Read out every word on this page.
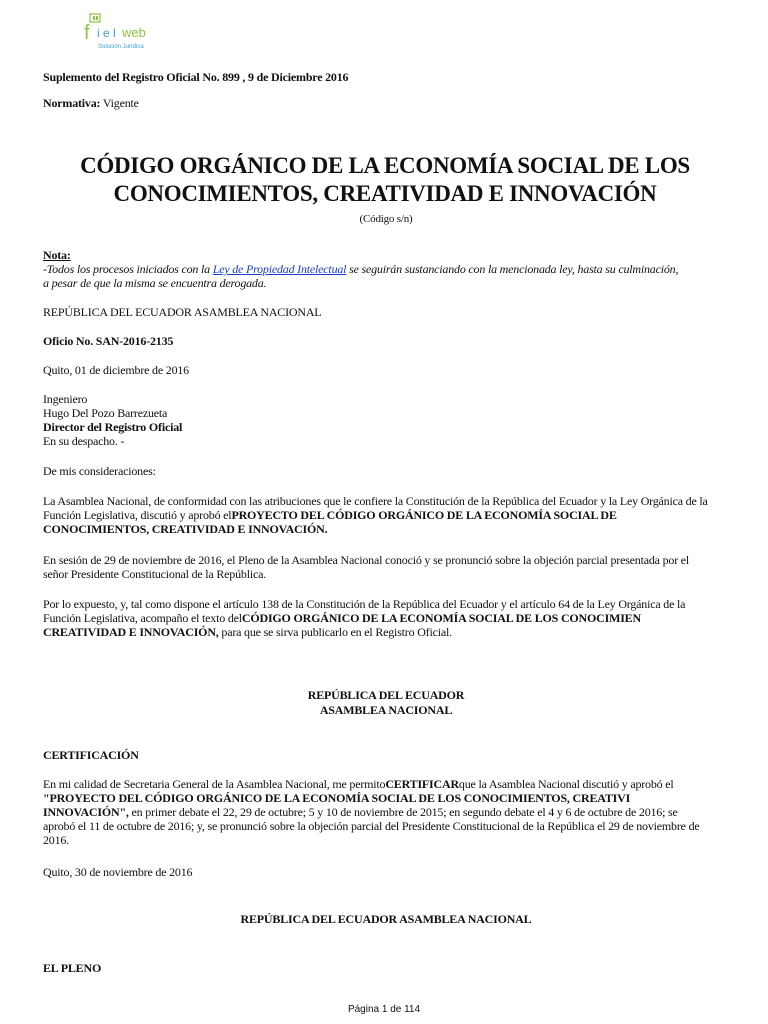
f i e l web
Solución Jurídica
Suplemento del Registro Oficial No. 899 , 9 de Diciembre 2016
Normativa: Vigente
CÓDIGO ORGÁNICO DE LA ECONOMÍA SOCIAL DE LOS
CONOCIMIENTOS, CREATIVIDAD E INNOVACIÓN
(Código s/n)
Nota:
-Todos los procesos iniciados con la Ley de Propiedad Intelectual se seguirán sustanciando con la mencionada ley, hasta su culminación,
a pesar de que la misma se encuentra derogada.
REPÚBLICA DEL ECUADOR ASAMBLEA NACIONAL
Oficio No. SAN-2016-2135
Quito, 01 de diciembre de 2016
Ingeniero
Hugo Del Pozo Barrezueta
Director del Registro Oficial
En su despacho. -
De mis consideraciones:
La Asamblea Nacional, de conformidad con las atribuciones que le confiere la Constitución de la República del Ecuador y la Ley Orgánica de la
Función Legislativa, discutió y aprobó elPROYECTO DEL CÓDIGO ORGÁNICO DE LA ECONOMÍA SOCIAL DE
CONOCIMIENTOS, CREATIVIDAD E INNOVACIÓN.
En sesión de 29 de noviembre de 2016, el Pleno de la Asamblea Nacional conoció y se pronunció sobre la objeción parcial presentada por el
señor Presidente Constitucional de la República.
Por lo expuesto, y, tal como dispone el artículo 138 de la Constitución de la República del Ecuador y el artículo 64 de la Ley Orgánica de la
Función Legislativa, acompaño el texto delCÓDIGO ORGÁNICO DE LA ECONOMÍA SOCIAL DE LOS CONOCIMIEN
CREATIVIDAD E INNOVACIÓN, para que se sirva publicarlo en el Registro Oficial.
REPÚBLICA DEL ECUADOR
ASAMBLEA NACIONAL
CERTIFICACIÓN
En mi calidad de Secretaria General de la Asamblea Nacional, me permitoCERTIFICARque la Asamblea Nacional discutió y aprobó el
"PROYECTO DEL CÓDIGO ORGÁNICO DE LA ECONOMÍA SOCIAL DE LOS CONOCIMIENTOS, CREATIVI
INNOVACIÓN", en primer debate el 22, 29 de octubre; 5 y 10 de noviembre de 2015; en segundo debate el 4 y 6 de octubre de 2016; se
aprobó el 11 de octubre de 2016; y, se pronunció sobre la objeción parcial del Presidente Constitucional de la República el 29 de noviembre de
2016.
Quito, 30 de noviembre de 2016
REPÚBLICA DEL ECUADOR ASAMBLEA NACIONAL
EL PLENO
Página 1 de 114
